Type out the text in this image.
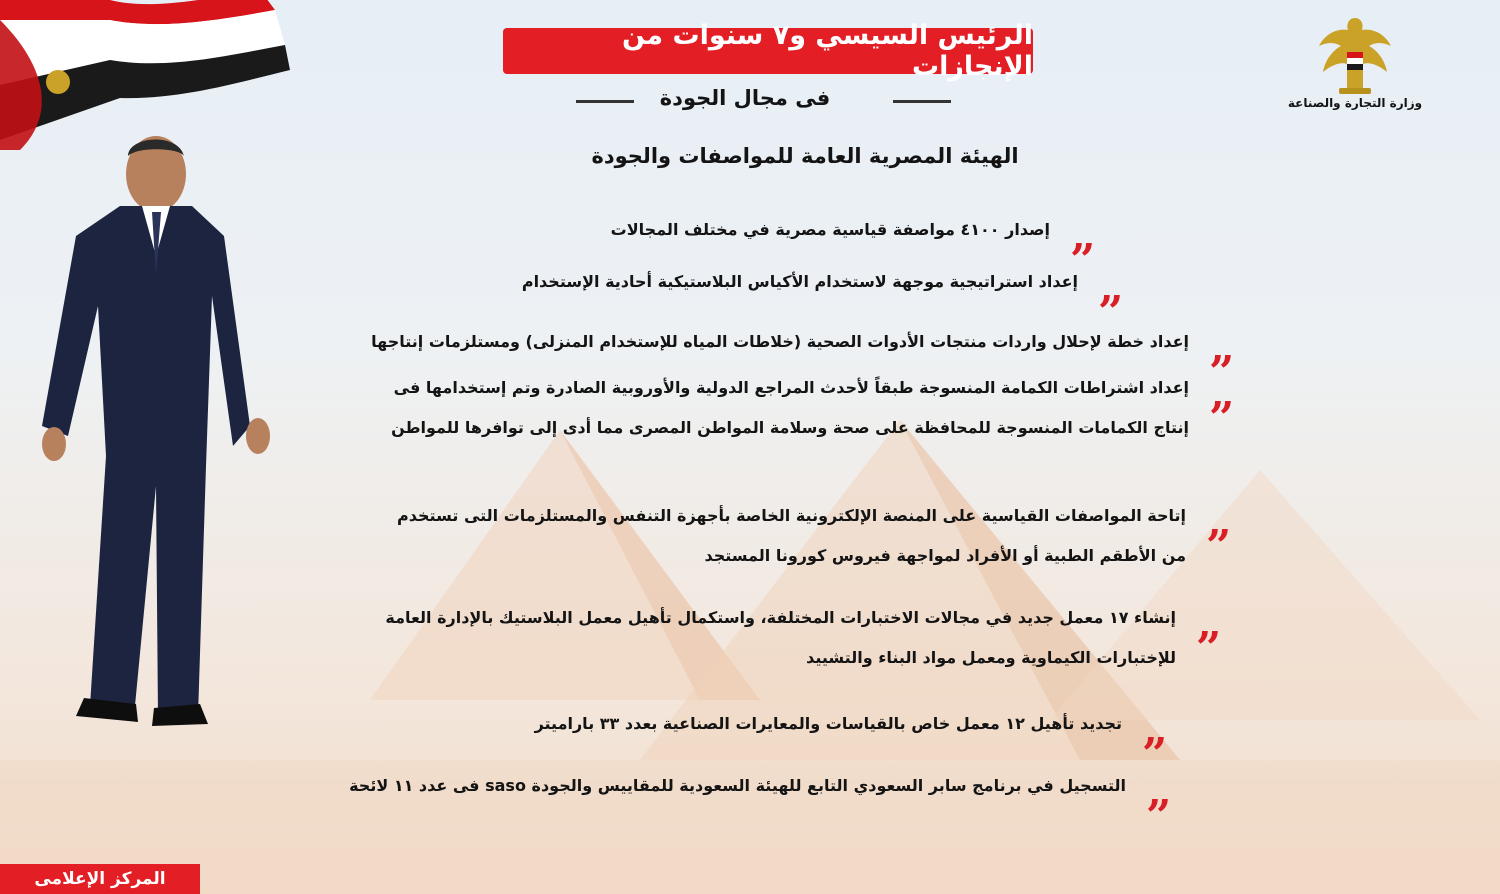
الرئيس السيسي و٧ سنوات من الإنجازات
فى مجال الجودة
الهيئة المصرية العامة للمواصفات والجودة
وزارة التجارة والصناعة
„
إصدار ٤١٠٠ مواصفة قياسية مصرية في مختلف المجالات
„
إعداد استراتيجية موجهة لاستخدام الأكياس البلاستيكية أحادية الإستخدام
„
إعداد خطة لإحلال واردات منتجات الأدوات الصحية (خلاطات المياه للإستخدام المنزلى) ومستلزمات إنتاجها
„
إعداد اشتراطات الكمامة المنسوجة طبقاً لأحدث المراجع الدولية والأوروبية الصادرة وتم إستخدامها فى
إنتاج الكمامات المنسوجة للمحافظة على صحة وسلامة المواطن المصرى مما أدى إلى توافرها للمواطن
„
إتاحة المواصفات القياسية على المنصة الإلكترونية الخاصة بأجهزة التنفس والمستلزمات التى تستخدم
من الأطقم الطبية أو الأفراد لمواجهة فيروس كورونا المستجد
„
إنشاء ١٧ معمل جديد في مجالات الاختبارات المختلفة، واستكمال تأهيل معمل البلاستيك بالإدارة العامة
للإختبارات الكيماوية ومعمل مواد البناء والتشييد
„
تجديد تأهيل ١٢ معمل خاص بالقياسات والمعايرات الصناعية بعدد ٣٣ باراميتر
„
التسجيل في برنامج سابر السعودي التابع للهيئة السعودية للمقاييس والجودة saso فى عدد ١١ لائحة
المركز الإعلامى
